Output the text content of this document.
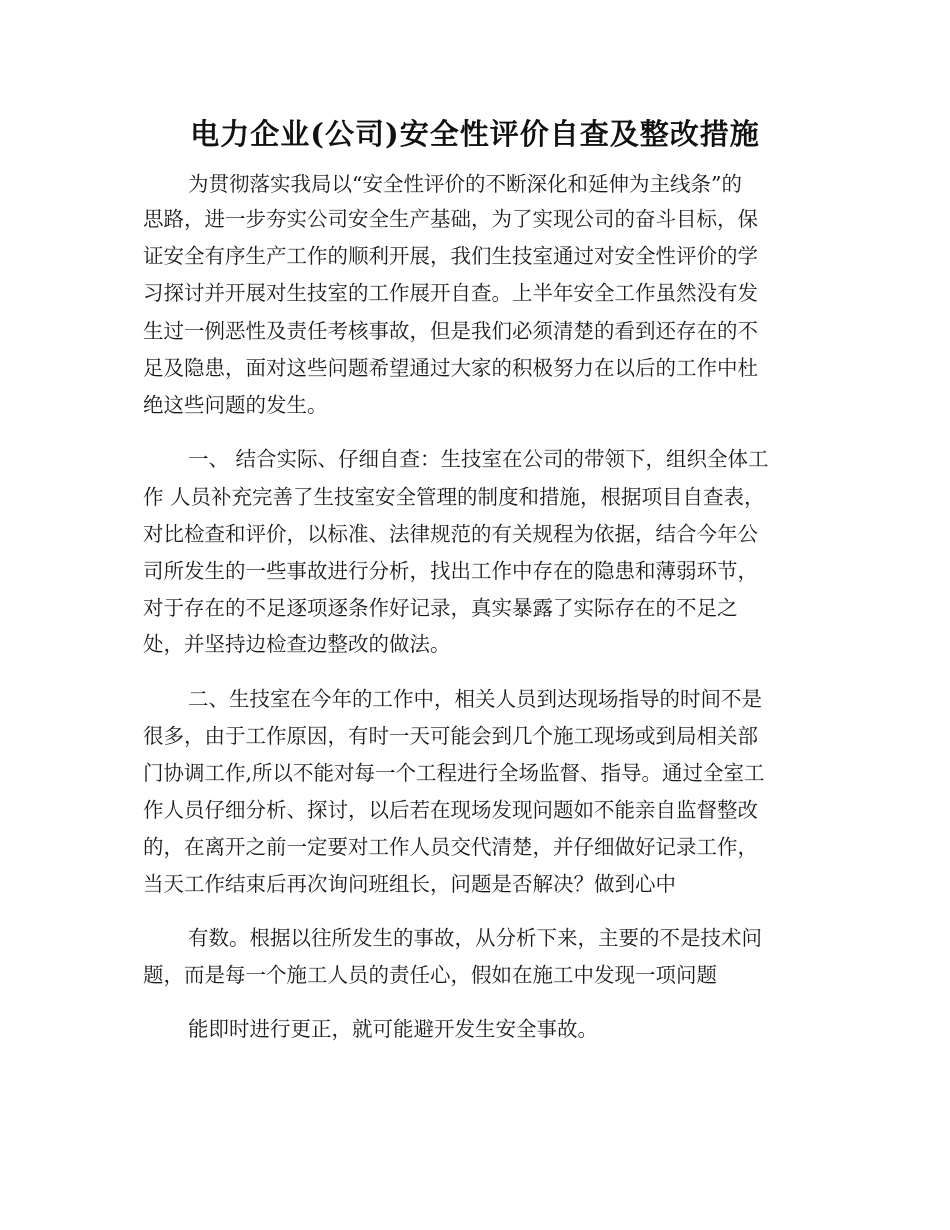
电力企业(公司)安全性评价自查及整改措施
为贯彻落实我局以“安全性评价的不断深化和延伸为主线条”的
思路，进一步夯实公司安全生产基础，为了实现公司的奋斗目标，保
证安全有序生产工作的顺利开展，我们生技室通过对安全性评价的学
习探讨并开展对生技室的工作展开自查。上半年安全工作虽然没有发
生过一例恶性及责任考核事故，但是我们必须清楚的看到还存在的不
足及隐患，面对这些问题希望通过大家的积极努力在以后的工作中杜
绝这些问题的发生。
一、 结合实际、仔细自查：生技室在公司的带领下，组织全体工
作 人员补充完善了生技室安全管理的制度和措施，根据项目自查表，
对比检查和评价，以标准、法律规范的有关规程为依据，结合今年公
司所发生的一些事故进行分析，找出工作中存在的隐患和薄弱环节，
对于存在的不足逐项逐条作好记录，真实暴露了实际存在的不足之
处，并坚持边检查边整改的做法。
二、生技室在今年的工作中，相关人员到达现场指导的时间不是
很多，由于工作原因，有时一天可能会到几个施工现场或到局相关部
门协调工作,所以不能对每一个工程进行全场监督、指导。通过全室工
作人员仔细分析、探讨，以后若在现场发现问题如不能亲自监督整改
的，在离开之前一定要对工作人员交代清楚，并仔细做好记录工作，
当天工作结束后再次询问班组长，问题是否解决？做到心中
有数。根据以往所发生的事故，从分析下来，主要的不是技术问
题，而是每一个施工人员的责任心，假如在施工中发现一项问题
能即时进行更正，就可能避开发生安全事故。
